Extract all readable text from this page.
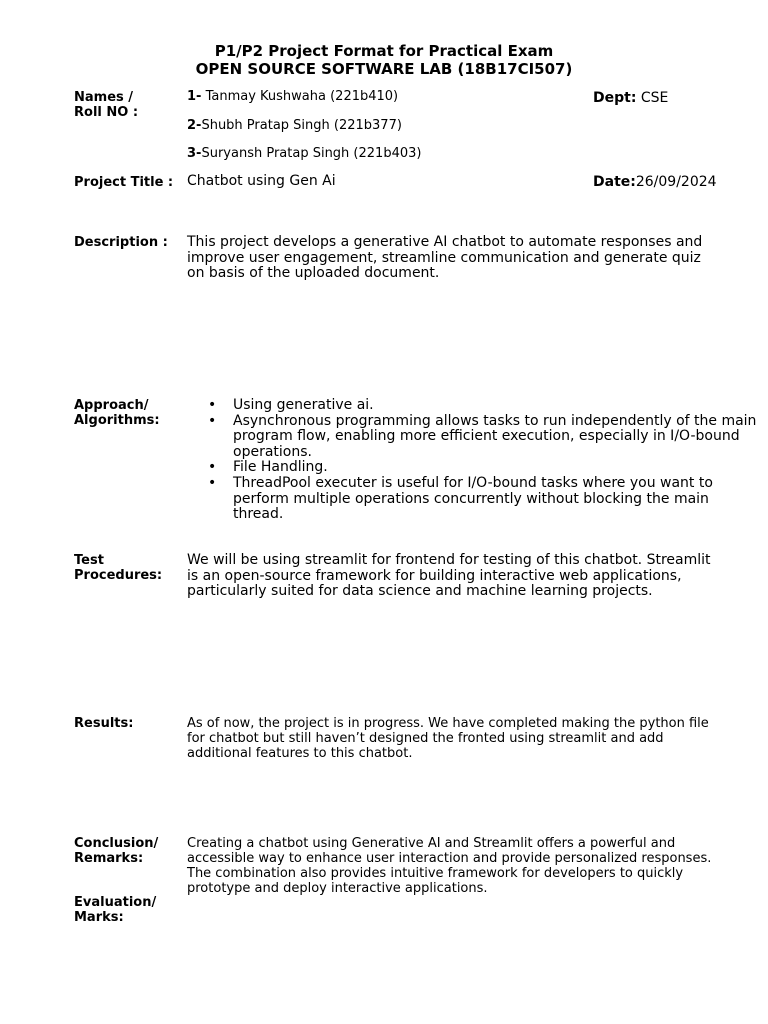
P1/P2 Project Format for Practical Exam
OPEN SOURCE SOFTWARE LAB (18B17CI507)
Names / Roll NO :
1- Tanmay Kushwaha (221b410)
2-Shubh Pratap Singh (221b377)
3-Suryansh Pratap Singh (221b403)
Dept: CSE
Project Title : Chatbot using Gen Ai	Date:26/09/2024
Description :	This project develops a generative AI chatbot to automate responses and improve user engagement, streamline communication and generate quiz on basis of the uploaded document.
Approach/ Algorithms:
• Using generative ai.
• Asynchronous programming allows tasks to run independently of the main program flow, enabling more efficient execution, especially in I/O-bound operations.
• File Handling.
• ThreadPool executer is useful for I/O-bound tasks where you want to perform multiple operations concurrently without blocking the main thread.
Test Procedures:
We will be using streamlit for frontend for testing of this chatbot. Streamlit is an open-source framework for building interactive web applications, particularly suited for data science and machine learning projects.
Results:	As of now, the project is in progress. We have completed making the python file for chatbot but still haven’t designed the fronted using streamlit and add additional features to this chatbot.
Conclusion/ Remarks:
Creating a chatbot using Generative AI and Streamlit offers a powerful and accessible way to enhance user interaction and provide personalized responses. The combination also provides intuitive framework for developers to quickly prototype and deploy interactive applications.
Evaluation/ Marks:
